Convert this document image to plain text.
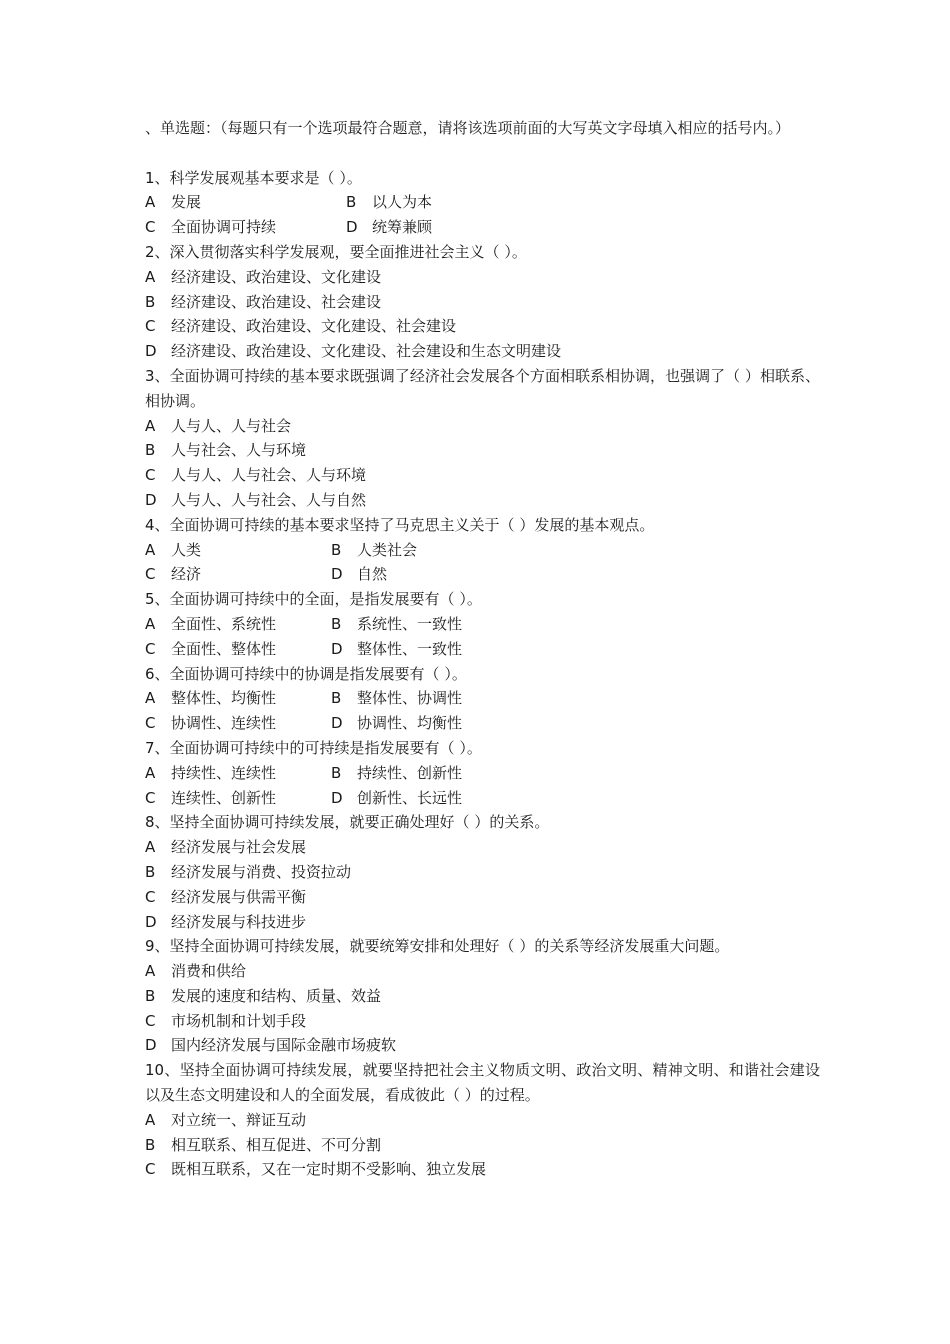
、单选题：（每题只有一个选项最符合题意，请将该选项前面的大写英文字母填入相应的括号内。）
1、科学发展观基本要求是（ ）。
A	发展	B	以人为本
C	全面协调可持续	D 统筹兼顾
2、深入贯彻落实科学发展观，要全面推进社会主义（ ）。
A	经济建设、政治建设、文化建设
B	经济建设、政治建设、社会建设
C	经济建设、政治建设、文化建设、社会建设
D 经济建设、政治建设、文化建设、社会建设和生态文明建设
3、全面协调可持续的基本要求既强调了经济社会发展各个方面相联系相协调，也强调了（ ）相联系、相协调。
A	人与人、人与社会
B	人与社会、人与环境
C	人与人、人与社会、人与环境
D 人与人、人与社会、人与自然
4、全面协调可持续的基本要求坚持了马克思主义关于（ ）发展的基本观点。
A	人类	B	人类社会
C	经济	D 自然
5、全面协调可持续中的全面，是指发展要有（ ）。
A	全面性、系统性	B	系统性、一致性
C	全面性、整体性	D 整体性、一致性
6、全面协调可持续中的协调是指发展要有（ ）。
A	整体性、均衡性	B	整体性、协调性
C	协调性、连续性	D 协调性、均衡性
7、全面协调可持续中的可持续是指发展要有（ ）。
A	持续性、连续性	B	持续性、创新性
C	连续性、创新性	D 创新性、长远性
8、坚持全面协调可持续发展，就要正确处理好（ ）的关系。
A	经济发展与社会发展
B	经济发展与消费、投资拉动
C	经济发展与供需平衡
D 经济发展与科技进步
9、坚持全面协调可持续发展，就要统筹安排和处理好（ ）的关系等经济发展重大问题。
A	消费和供给
B	发展的速度和结构、质量、效益
C	市场机制和计划手段
D 国内经济发展与国际金融市场疲软
10、坚持全面协调可持续发展，就要坚持把社会主义物质文明、政治文明、精神文明、和谐社会建设以及生态文明建设和人的全面发展，看成彼此（ ）的过程。
A	对立统一、辩证互动
B	相互联系、相互促进、不可分割
C	既相互联系，又在一定时期不受影响、独立发展
